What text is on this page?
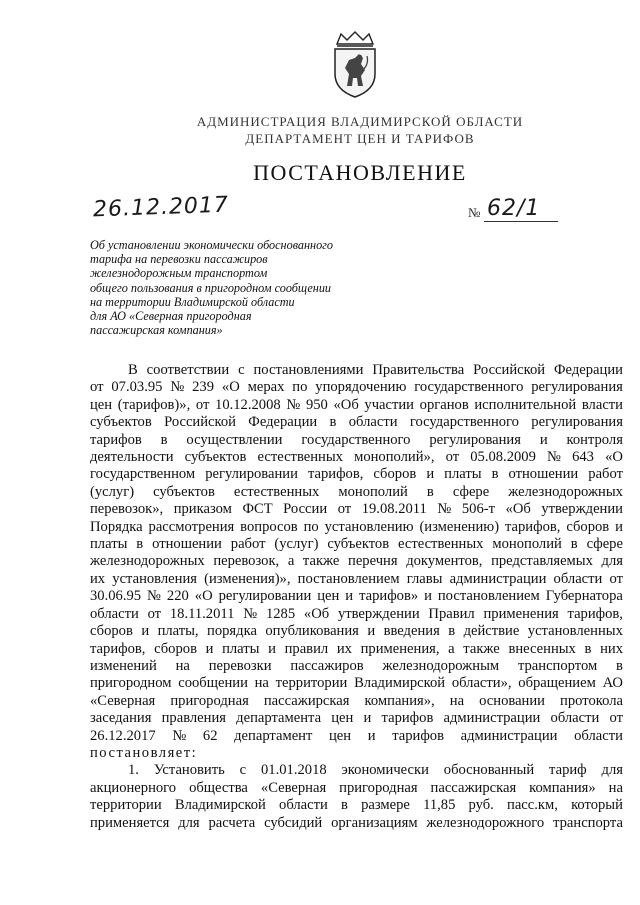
АДМИНИСТРАЦИЯ ВЛАДИМИРСКОЙ ОБЛАСТИ
ДЕПАРТАМЕНТ ЦЕН И ТАРИФОВ
ПОСТАНОВЛЕНИЕ
26.12.2017	№ 62/1
Об установлении экономически обоснованного
тарифа на перевозки пассажиров
железнодорожным транспортом
общего пользования в пригородном сообщении
на территории Владимирской области
для АО «Северная пригородная
пассажирская компания»
В соответствии с постановлениями Правительства Российской Федерации
от 07.03.95 № 239 «О мерах по упорядочению государственного регулирования
цен (тарифов)», от 10.12.2008 № 950 «Об участии органов исполнительной власти
субъектов Российской Федерации в области государственного регулирования
тарифов в осуществлении государственного регулирования и контроля
деятельности субъектов естественных монополий», от 05.08.2009 № 643 «О
государственном регулировании тарифов, сборов и платы в отношении работ
(услуг) субъектов естественных монополий в сфере железнодорожных
перевозок», приказом ФСТ России от 19.08.2011 № 506-т «Об утверждении
Порядка рассмотрения вопросов по установлению (изменению) тарифов, сборов и
платы в отношении работ (услуг) субъектов естественных монополий в сфере
железнодорожных перевозок, а также перечня документов, представляемых для
их установления (изменения)», постановлением главы администрации области от
30.06.95 № 220 «О регулировании цен и тарифов» и постановлением Губернатора
области от 18.11.2011 № 1285 «Об утверждении Правил применения тарифов,
сборов и платы, порядка опубликования и введения в действие установленных
тарифов, сборов и платы и правил их применения, а также внесенных в них
изменений на перевозки пассажиров железнодорожным транспортом в
пригородном сообщении на территории Владимирской области», обращением АО
«Северная пригородная пассажирская компания», на основании протокола
заседания правления департамента цен и тарифов администрации области от
26.12.2017 № 62 департамент цен и тарифов администрации области
постановляет:
1. Установить с 01.01.2018 экономически обоснованный тариф для
акционерного общества «Северная пригородная пассажирская компания» на
территории Владимирской области в размере 11,85 руб. пасс.км, который
применяется для расчета субсидий организациям железнодорожного транспорта
